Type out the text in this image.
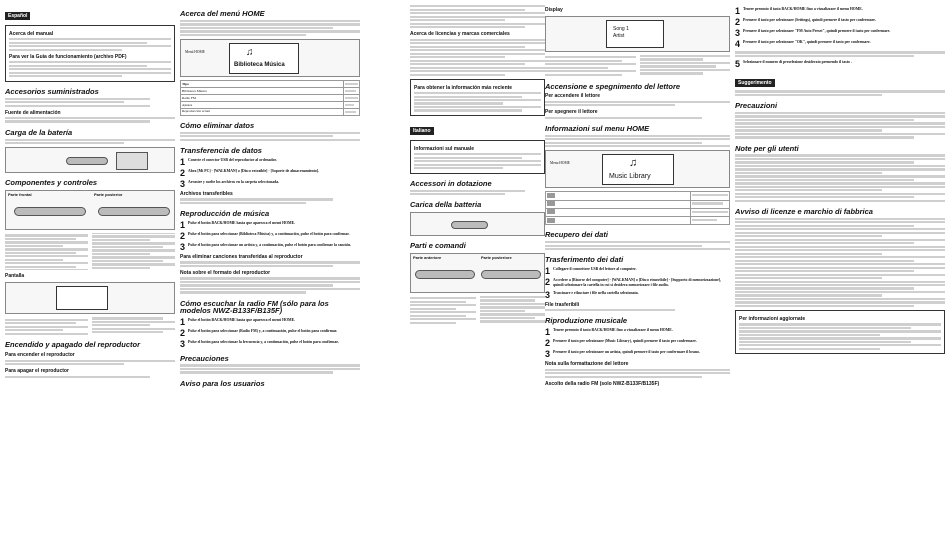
Español
Acerca del manual
Para ver la Guía de funcionamiento (archivo PDF)
Accesorios suministrados
Fuente de alimentación
Carga de la batería
Componentes y controles
Parte frontal	Parte posterior
Pantalla
Encendido y apagado del reproductor
Para encender el reproductor
Para apagar el reproductor
Acerca del menú HOME
Menú HOME	♫
Biblioteca Música
Tipo	

Biblioteca Música	

Radio FM	

Ajustes	

Reproducción actual	
Cómo eliminar datos
Transferencia de datos
1 Conecte el conector USB del reproductor al ordenador.
2 Abra [Mi PC] - [WALKMAN] o [Disco extraíble] - [Soporte de almacenamiento].
3 Arrastre y suelte los archivos en la carpeta seleccionada.
Archivos transferibles
Reproducción de música
1 Pulse el botón BACK/HOME hasta que aparezca el menú HOME.
2 Pulse el botón para seleccionar (Biblioteca Música) y, a continuación, pulse el botón para confirmar.
3 Pulse el botón para seleccionar un artista y, a continuación, pulse el botón para confirmar la canción.
Para eliminar canciones transferidas al reproductor
Nota sobre el formato del reproductor
Cómo escuchar la radio FM (sólo para los modelos NWZ-B133F/B135F)
1 Pulse el botón BACK/HOME hasta que aparezca el menú HOME.
2 Pulse el botón para seleccionar (Radio FM) y, a continuación, pulse el botón para confirmar.
3 Pulse el botón para seleccionar la frecuencia y, a continuación, pulse el botón para confirmar.
Precauciones
Aviso para los usuarios
Acerca de licencias y marcas comerciales
Para obtener la información más reciente
Italiano
Informazioni sul manuale
Accessori in dotazione
Carica della batteria
Parti e comandi
Parte anteriore	Parte posteriore
Display
Song 1
Artist
Accensione e spegnimento del lettore
Per accendere il lettore
Per spegnere il lettore
Informazioni sul menu HOME
Menu HOME	♫
Music Library

Recupero dei dati
Trasferimento dei dati
1 Collegare il connettore USB del lettore al computer.
2 Accedere a [Risorse del computer] - [WALKMAN] o [Disco rimovibile] - [Supporto di memorizzazione], quindi selezionare la cartella in cui si desidera memorizzare i file audio.
3 Trascinare e rilasciare i file nella cartella selezionata.
File trasferibili
Riproduzione musicale
1 Tenere premuto il tasto BACK/HOME fino a visualizzare il menu HOME.
2 Premere il tasto per selezionare (Music Library), quindi premere il tasto per confermare.
3 Premere il tasto per selezionare un artista, quindi premere il tasto per confermare il brano.
Nota sulla formattazione del lettore
Ascolto della radio FM (solo NWZ-B133F/B135F)
1 Tenere premuto il tasto BACK/HOME fino a visualizzare il menu HOME.
2 Premere il tasto per selezionare (Settings), quindi premere il tasto per confermare.
3 Premere il tasto per selezionare "FM Auto Preset", quindi premere il tasto per confermare.
4 Premere il tasto per selezionare "OK", quindi premere il tasto per confermare.
5 Selezionare il numero di preselezione desiderato premendo il tasto .
Suggerimento
Precauzioni
Note per gli utenti
Avviso di licenze e marchio di fabbrica
Per informazioni aggiornate
